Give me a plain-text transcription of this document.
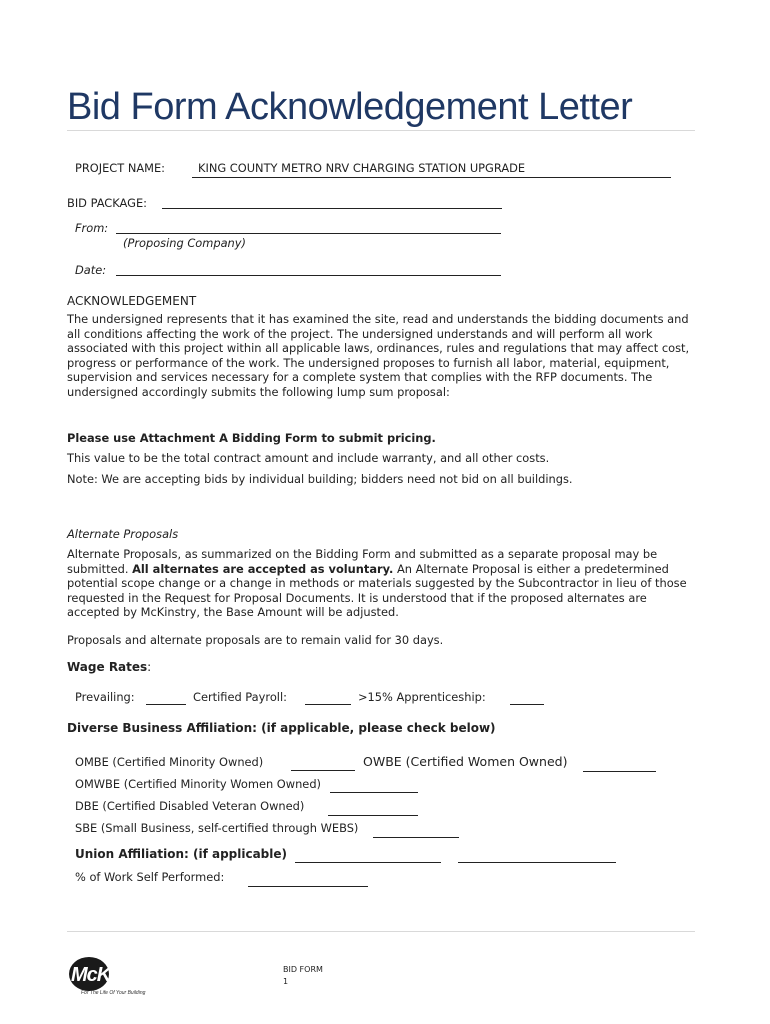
Bid Form Acknowledgement Letter
PROJECT NAME:	KING COUNTY METRO NRV CHARGING STATION UPGRADE
BID PACKAGE:
From:
(Proposing Company)
Date:
ACKNOWLEDGEMENT

The undersigned represents that it has examined the site, read and understands the bidding documents and all conditions affecting the work of the project. The undersigned understands and will perform all work associated with this project within all applicable laws, ordinances, rules and regulations that may affect cost, progress or performance of the work. The undersigned proposes to furnish all labor, material, equipment, supervision and services necessary for a complete system that complies with the RFP documents. The undersigned accordingly submits the following lump sum proposal:

Please use Attachment A Bidding Form to submit pricing.
This value to be the total contract amount and include warranty, and all other costs.
Note: We are accepting bids by individual building; bidders need not bid on all buildings.
Alternate Proposals

Alternate Proposals, as summarized on the Bidding Form and submitted as a separate proposal may be submitted. All alternates are accepted as voluntary. An Alternate Proposal is either a predetermined potential scope change or a change in methods or materials suggested by the Subcontractor in lieu of those requested in the Request for Proposal Documents. It is understood that if the proposed alternates are accepted by McKinstry, the Base Amount will be adjusted.

Proposals and alternate proposals are to remain valid for 30 days.
Wage Rates:
Prevailing:	Certified Payroll:	>15% Apprenticeship:
Diverse Business Affiliation: (if applicable, please check below)
OMBE (Certified Minority Owned)	OWBE (Certified Women Owned)
OMWBE (Certified Minority Women Owned)
DBE (Certified Disabled Veteran Owned)
SBE (Small Business, self-certified through WEBS)
Union Affiliation: (if applicable)
% of Work Self Performed:
McKinstry
For The Life Of Your Building
BID FORM
1
